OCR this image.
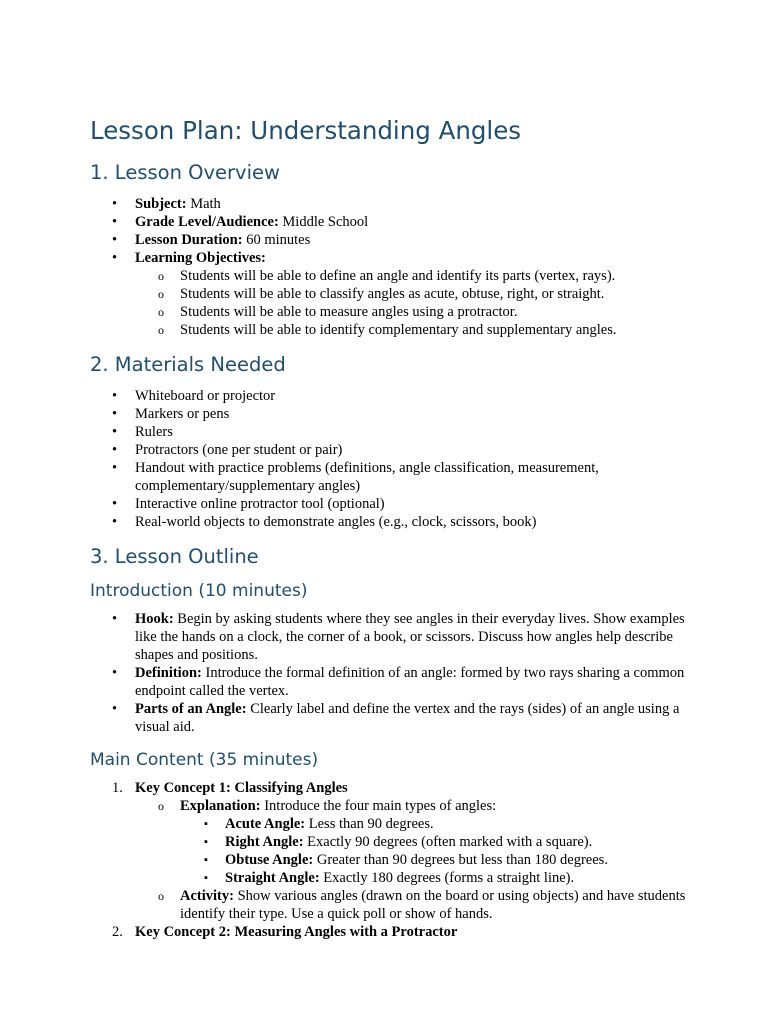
Lesson Plan: Understanding Angles
1. Lesson Overview
• Subject: Math
• Grade Level/Audience: Middle School
• Lesson Duration: 60 minutes
• Learning Objectives:
o Students will be able to define an angle and identify its parts (vertex, rays).
o Students will be able to classify angles as acute, obtuse, right, or straight.
o Students will be able to measure angles using a protractor.
o Students will be able to identify complementary and supplementary angles.
2. Materials Needed
• Whiteboard or projector
• Markers or pens
• Rulers
• Protractors (one per student or pair)
• Handout with practice problems (definitions, angle classification, measurement, complementary/supplementary angles)
• Interactive online protractor tool (optional)
• Real-world objects to demonstrate angles (e.g., clock, scissors, book)
3. Lesson Outline
Introduction (10 minutes)
• Hook: Begin by asking students where they see angles in their everyday lives. Show examples like the hands on a clock, the corner of a book, or scissors. Discuss how angles help describe shapes and positions.
• Definition: Introduce the formal definition of an angle: formed by two rays sharing a common endpoint called the vertex.
• Parts of an Angle: Clearly label and define the vertex and the rays (sides) of an angle using a visual aid.
Main Content (35 minutes)
1. Key Concept 1: Classifying Angles
o Explanation: Introduce the four main types of angles:
▪ Acute Angle: Less than 90 degrees.
▪ Right Angle: Exactly 90 degrees (often marked with a square).
▪ Obtuse Angle: Greater than 90 degrees but less than 180 degrees.
▪ Straight Angle: Exactly 180 degrees (forms a straight line).
o Activity: Show various angles (drawn on the board or using objects) and have students identify their type. Use a quick poll or show of hands.
2. Key Concept 2: Measuring Angles with a Protractor
